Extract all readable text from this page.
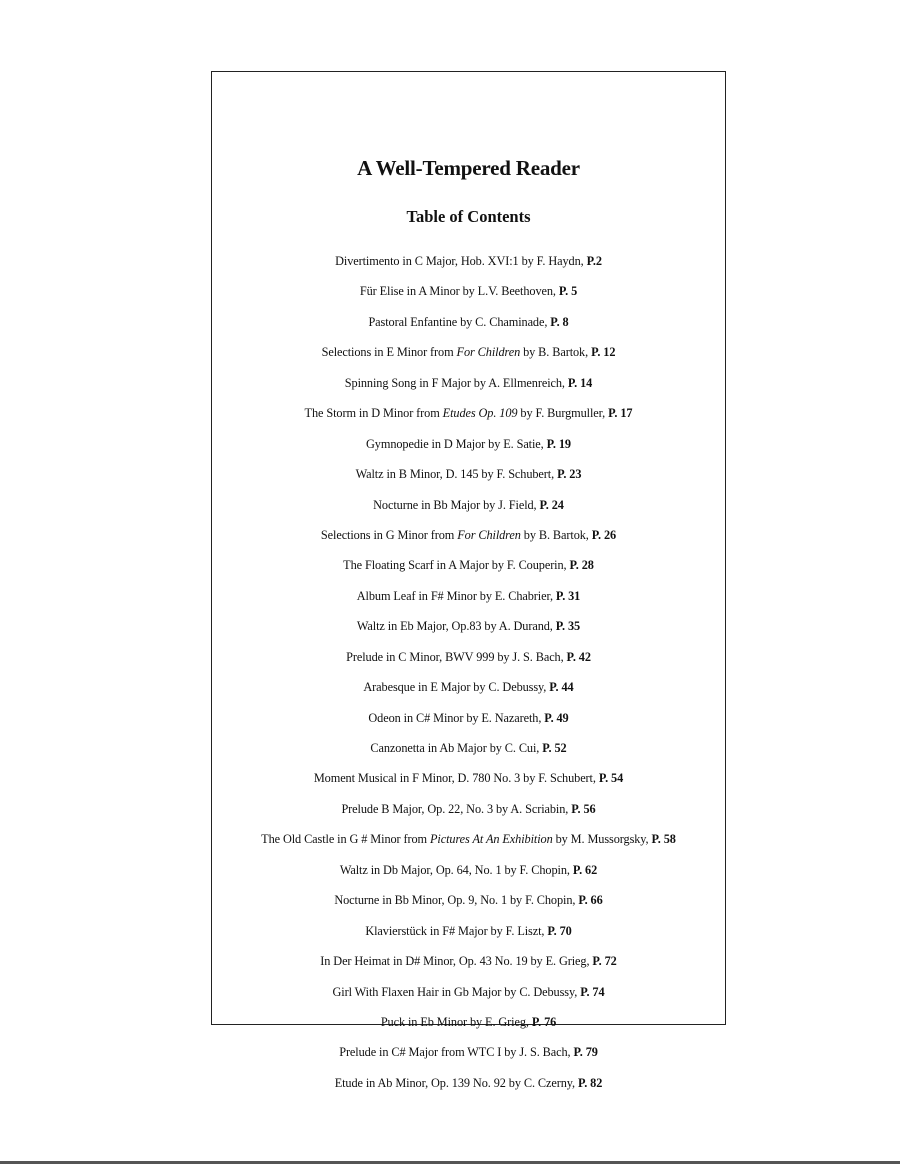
A Well-Tempered Reader
Table of Contents
Divertimento in C Major, Hob. XVI:1 by F. Haydn, P.2
Für Elise in A Minor by L.V. Beethoven, P. 5
Pastoral Enfantine by C. Chaminade, P. 8
Selections in E Minor from For Children by B. Bartok, P. 12
Spinning Song in F Major by A. Ellmenreich, P. 14
The Storm in D Minor from Etudes Op. 109 by F. Burgmuller, P. 17
Gymnopedie in D Major by E. Satie, P. 19
Waltz in B Minor, D. 145 by F. Schubert, P. 23
Nocturne in Bb Major by J. Field, P. 24
Selections in G Minor from For Children by B. Bartok, P. 26
The Floating Scarf in A Major by F. Couperin, P. 28
Album Leaf in F# Minor by E. Chabrier, P. 31
Waltz in Eb Major, Op.83 by A. Durand, P. 35
Prelude in C Minor, BWV 999 by J. S. Bach, P. 42
Arabesque in E Major by C. Debussy, P. 44
Odeon in C# Minor by E. Nazareth, P. 49
Canzonetta in Ab Major by C. Cui, P. 52
Moment Musical in F Minor, D. 780 No. 3 by F. Schubert, P. 54
Prelude B Major, Op. 22, No. 3 by A. Scriabin, P. 56
The Old Castle in G # Minor from Pictures At An Exhibition by M. Mussorgsky, P. 58
Waltz in Db Major, Op. 64, No. 1 by F. Chopin, P. 62
Nocturne in Bb Minor, Op. 9, No. 1 by F. Chopin, P. 66
Klavierstück in F# Major by F. Liszt, P. 70
In Der Heimat in D# Minor, Op. 43 No. 19 by E. Grieg, P. 72
Girl With Flaxen Hair in Gb Major by C. Debussy, P. 74
Puck in Eb Minor by E. Grieg, P. 76
Prelude in C# Major from WTC I by J. S. Bach, P. 79
Etude in Ab Minor, Op. 139 No. 92 by C. Czerny, P. 82
